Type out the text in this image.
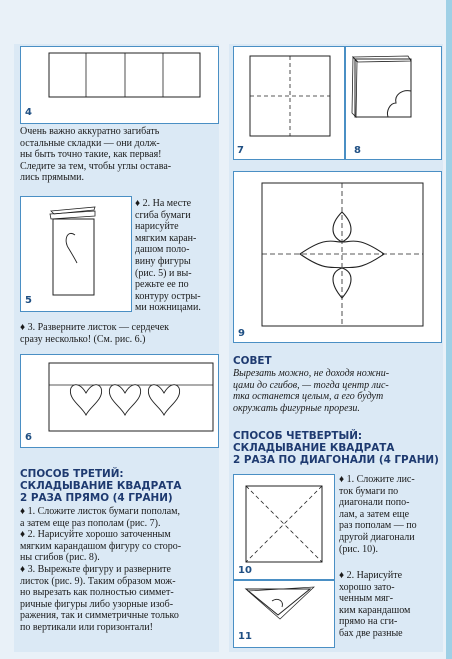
4
Очень важно аккуратно загибать
остальные складки — они долж-
ны быть точно такие, как первая!
Следите за тем, чтобы углы остава-
лись прямыми.
5
♦ 2. На месте
сгиба бумаги
нарисуйте
мягким каран-
дашом поло-
вину фигуры
(рис. 5) и вы-
режьте ее по
контуру остры-
ми ножницами.
♦ 3. Разверните листок — сердечек
сразу несколько! (См. рис. 6.)
6
СПОСОБ ТРЕТИЙ:
СКЛАДЫВАНИЕ КВАДРАТА
2 РАЗА ПРЯМО (4 ГРАНИ)
♦ 1. Сложите листок бумаги пополам,
а затем еще раз пополам (рис. 7).
♦ 2. Нарисуйте хорошо заточенным
мягким карандашом фигуру со сторо-
ны сгибов (рис. 8).
♦ 3. Вырежьте фигуру и разверните
листок (рис. 9). Таким образом мож-
но вырезать как полностью симмет-
ричные фигуры либо узорные изоб-
ражения, так и симметричные только
по вертикали или горизонтали!
7	8
9
СОВЕТ
Вырезать можно, не доходя ножни-
цами до сгибов, — тогда центр лис-
тка останется целым, а его будут
окружать фигурные прорези.
СПОСОБ ЧЕТВЕРТЫЙ:
СКЛАДЫВАНИЕ КВАДРАТА
2 РАЗА ПО ДИАГОНАЛИ (4 ГРАНИ)
10
11
♦ 1. Сложите лис-
ток бумаги по
диагонали попо-
лам, а затем еще
раз пополам — по
другой диагонали
(рис. 10).
♦ 2. Нарисуйте
хорошо зато-
ченным мяг-
ким карандашом
прямо на сги-
бах две разные
